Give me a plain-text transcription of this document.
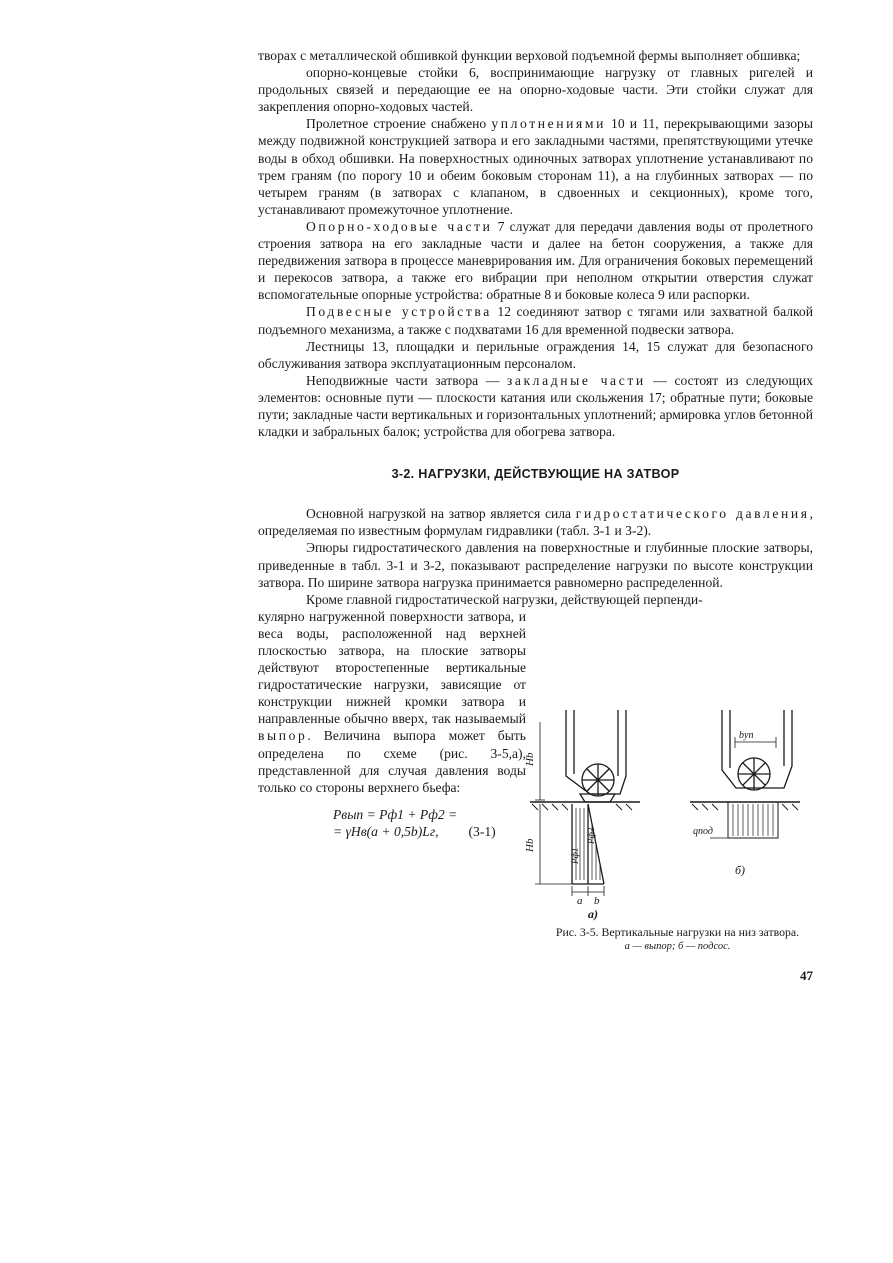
творах с металлической обшивкой функции верховой подъемной фермы выполняет обшивка;

опорно-концевые стойки 6, воспринимающие нагрузку от главных ригелей и продольных связей и передающие ее на опорно-ходовые части. Эти стойки служат для закрепления опорно-ходовых частей.

Пролетное строение снабжено уплотнениями 10 и 11, перекрывающими зазоры между подвижной конструкцией затвора и его закладными частями, препятствующими утечке воды в обход обшивки. На поверхностных одиночных затворах уплотнение устанавливают по трем граням (по порогу 10 и обеим боковым сторонам 11), а на глубинных затворах — по четырем граням (в затворах с клапаном, в сдвоенных и секционных), кроме того, устанавливают промежуточное уплотнение.

Опорно-ходовые части 7 служат для передачи давления воды от пролетного строения затвора на его закладные части и далее на бетон сооружения, а также для передвижения затвора в процессе маневрирования им. Для ограничения боковых перемещений и перекосов затвора, а также его вибрации при неполном открытии отверстия служат вспомогательные опорные устройства: обратные 8 и боковые колеса 9 или распорки.

Подвесные устройства 12 соединяют затвор с тягами или захватной балкой подъемного механизма, а также с подхватами 16 для временной подвески затвора.

Лестницы 13, площадки и перильные ограждения 14, 15 служат для безопасного обслуживания затвора эксплуатационным персоналом.

Неподвижные части затвора — закладные части — состоят из следующих элементов: основные пути — плоскости катания или скольжения 17; обратные пути; боковые пути; закладные части вертикальных и горизонтальных уплотнений; армировка углов бетонной кладки и забральных балок; устройства для обогрева затвора.

3-2. НАГРУЗКИ, ДЕЙСТВУЮЩИЕ НА ЗАТВОР

Основной нагрузкой на затвор является сила гидростатического давления, определяемая по известным формулам гидравлики (табл. 3-1 и 3-2).

Эпюры гидростатического давления на поверхностные и глубинные плоские затворы, приведенные в табл. 3-1 и 3-2, показывают распределение нагрузки по высоте конструкции затвора. По ширине затвора нагрузка принимается равномерно распределенной.

Кроме главной гидростатической нагрузки, действующей перпенди-

кулярно нагруженной поверхности затвора, и веса воды, расположенной над верхней плоскостью затвора, на плоские затворы действуют второстепенные вертикальные гидростатические нагрузки, зависящие от конструкции нижней кромки затвора и направленные обычно вверх, так называемый выпор. Величина выпора может быть определена по схеме (рис. 3-5,а), представленной для случая давления воды только со стороны верхнего бьефа:
Pвып = Pф1 + Pф2 =
= γHв(a + 0,5b)Lг, (3-1)
Hb
Hb
Pф1
Pф2
a b
bуп
qпод
б)
а)
Рис. 3-5. Вертикальные нагрузки на низ затвора.
а — выпор; б — подсос.
47
